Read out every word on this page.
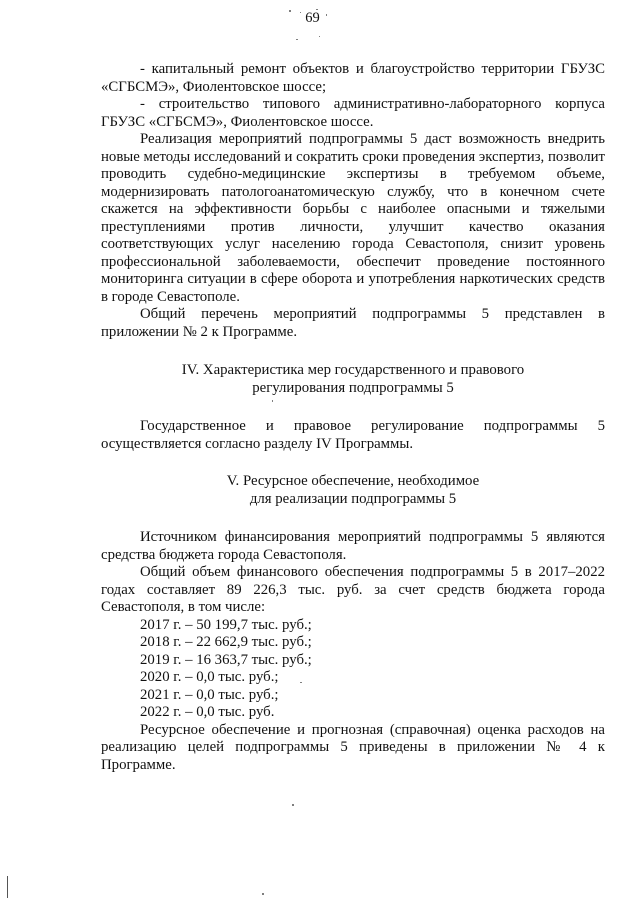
69

- капитальный ремонт объектов и благоустройство территории ГБУЗС «СГБСМЭ», Фиолентовское шоссе;

- строительство типового административно-лабораторного корпуса ГБУЗС «СГБСМЭ», Фиолентовское шоссе.

Реализация мероприятий подпрограммы 5 даст возможность внедрить новые методы исследований и сократить сроки проведения экспертиз, позволит проводить судебно-медицинские экспертизы в требуемом объеме, модернизировать патологоанатомическую службу, что в конечном счете скажется на эффективности борьбы с наиболее опасными и тяжелыми преступлениями против личности, улучшит качество оказания соответствующих услуг населению города Севастополя, снизит уровень профессиональной заболеваемости, обеспечит проведение постоянного мониторинга ситуации в сфере оборота и употребления наркотических средств в городе Севастополе.

Общий перечень мероприятий подпрограммы 5 представлен в приложении № 2 к Программе.

IV. Характеристика мер государственного и правового
регулирования подпрограммы 5

Государственное и правовое регулирование подпрограммы 5 осуществляется согласно разделу IV Программы.

V. Ресурсное обеспечение, необходимое
для реализации подпрограммы 5

Источником финансирования мероприятий подпрограммы 5 являются средства бюджета города Севастополя.

Общий объем финансового обеспечения подпрограммы 5 в 2017–2022 годах составляет 89 226,3 тыс. руб. за счет средств бюджета города Севастополя, в том числе:

2017 г. – 50 199,7 тыс. руб.;
2018 г. – 22 662,9 тыс. руб.;
2019 г. – 16 363,7 тыс. руб.;
2020 г. – 0,0 тыс. руб.;
2021 г. – 0,0 тыс. руб.;
2022 г. – 0,0 тыс. руб.

Ресурсное обеспечение и прогнозная (справочная) оценка расходов на реализацию целей подпрограммы 5 приведены в приложении № 4 к Программе.
